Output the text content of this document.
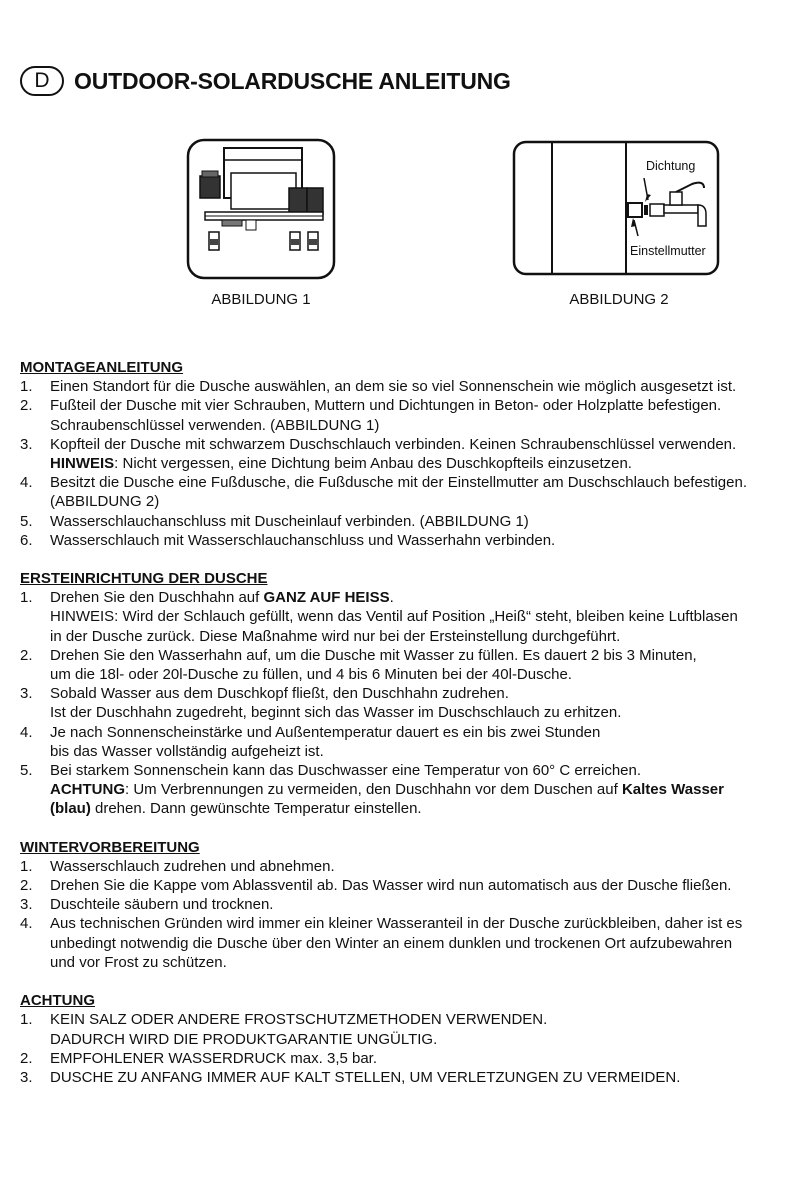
D	OUTDOOR-SOLARDUSCHE ANLEITUNG
ABBILDUNG 1
Dichtung
Einstellmutter
ABBILDUNG 2

MONTAGEANLEITUNG

1.	Einen Standort für die Dusche auswählen, an dem sie so viel Sonnenschein wie möglich ausgesetzt ist.
2.	Fußteil der Dusche mit vier Schrauben, Muttern und Dichtungen in Beton- oder Holzplatte befestigen.
Schraubenschlüssel verwenden. (ABBILDUNG 1)
3.	Kopfteil der Dusche mit schwarzem Duschschlauch verbinden. Keinen Schraubenschlüssel verwenden.
HINWEIS: Nicht vergessen, eine Dichtung beim Anbau des Duschkopfteils einzusetzen.
4.	Besitzt die Dusche eine Fußdusche, die Fußdusche mit der Einstellmutter am Duschschlauch befestigen.
(ABBILDUNG 2)
5.	Wasserschlauchanschluss mit Duscheinlauf verbinden. (ABBILDUNG 1)
6.	Wasserschlauch mit Wasserschlauchanschluss und Wasserhahn verbinden.

ERSTEINRICHTUNG DER DUSCHE

1.	Drehen Sie den Duschhahn auf GANZ AUF HEISS.
HINWEIS: Wird der Schlauch gefüllt, wenn das Ventil auf Position „Heiß“ steht, bleiben keine Luftblasen
in der Dusche zurück. Diese Maßnahme wird nur bei der Ersteinstellung durchgeführt.
2.	Drehen Sie den Wasserhahn auf, um die Dusche mit Wasser zu füllen. Es dauert 2 bis 3 Minuten,
um die 18l- oder 20l-Dusche zu füllen, und 4 bis 6 Minuten bei der 40l-Dusche.
3.	Sobald Wasser aus dem Duschkopf fließt, den Duschhahn zudrehen.
Ist der Duschhahn zugedreht, beginnt sich das Wasser im Duschschlauch zu erhitzen.
4.	Je nach Sonnenscheinstärke und Außentemperatur dauert es ein bis zwei Stunden
bis das Wasser vollständig aufgeheizt ist.
5.	Bei starkem Sonnenschein kann das Duschwasser eine Temperatur von 60° C erreichen.
ACHTUNG: Um Verbrennungen zu vermeiden, den Duschhahn vor dem Duschen auf Kaltes Wasser
(blau) drehen. Dann gewünschte Temperatur einstellen.

WINTERVORBEREITUNG

1.	Wasserschlauch zudrehen und abnehmen.
2.	Drehen Sie die Kappe vom Ablassventil ab. Das Wasser wird nun automatisch aus der Dusche fließen.
3.	Duschteile säubern und trocknen.
4.	Aus technischen Gründen wird immer ein kleiner Wasseranteil in der Dusche zurückbleiben, daher ist es
unbedingt notwendig die Dusche über den Winter an einem dunklen und trockenen Ort aufzubewahren
und vor Frost zu schützen.

ACHTUNG

1.	KEIN SALZ ODER ANDERE FROSTSCHUTZMETHODEN VERWENDEN.
DADURCH WIRD DIE PRODUKTGARANTIE UNGÜLTIG.
2.	EMPFOHLENER WASSERDRUCK max. 3,5 bar.
3.	DUSCHE ZU ANFANG IMMER AUF KALT STELLEN, UM VERLETZUNGEN ZU VERMEIDEN.
